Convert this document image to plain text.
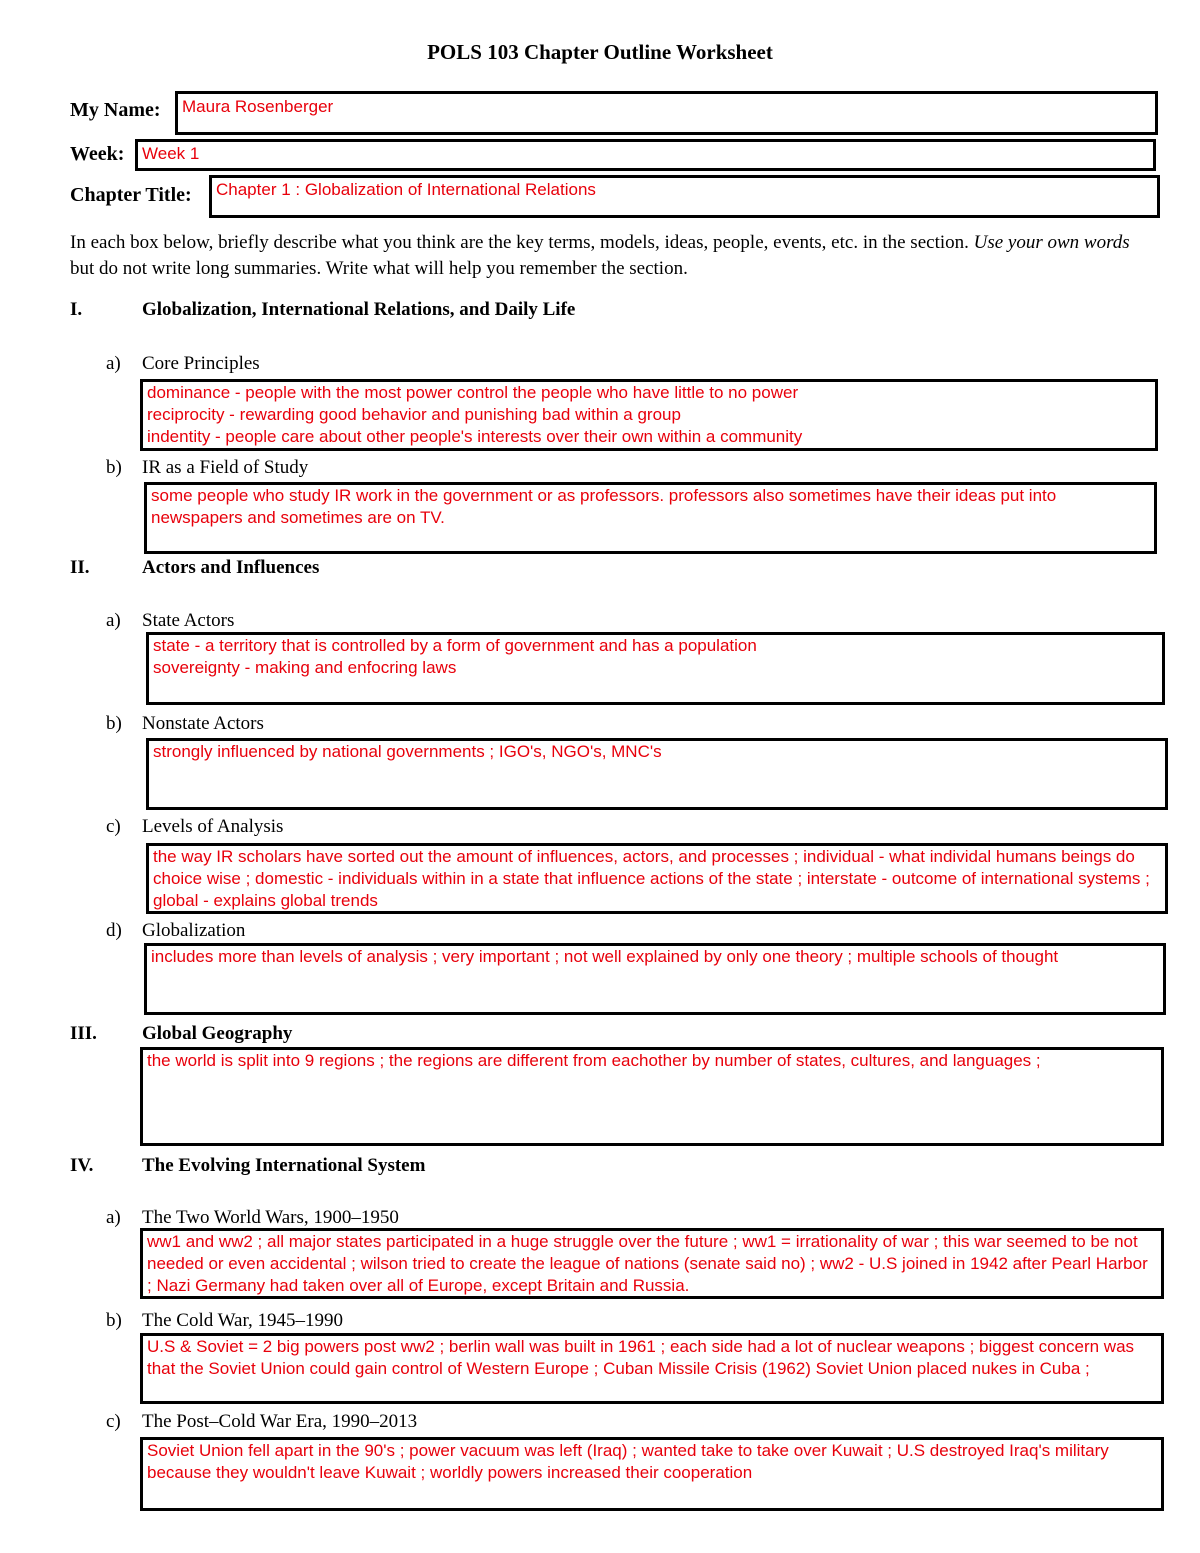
POLS 103 Chapter Outline Worksheet
My Name: Maura Rosenberger
Week: Week 1
Chapter Title: Chapter 1 : Globalization of International Relations
In each box below, briefly describe what you think are the key terms, models, ideas, people, events, etc. in the section. Use your own words but do not write long summaries. Write what will help you remember the section.
I.	Globalization, International Relations, and Daily Life
a) Core Principles
dominance - people with the most power control the people who have little to no power
reciprocity - rewarding good behavior and punishing bad within a group
indentity - people care about other people's interests over their own within a community
b) IR as a Field of Study
some people who study IR work in the government or as professors. professors also sometimes have their ideas put into newspapers and sometimes are on TV.
II.	Actors and Influences
a) State Actors
state - a territory that is controlled by a form of government and has a population
sovereignty - making and enfocring laws
b) Nonstate Actors
strongly influenced by national governments ; IGO's, NGO's, MNC's
c) Levels of Analysis
the way IR scholars have sorted out the amount of influences, actors, and processes ; individual - what individal humans beings do choice wise ; domestic - individuals within in a state that influence actions of the state ; interstate - outcome of international systems ; global - explains global trends
d) Globalization
includes more than levels of analysis ; very important ; not well explained by only one theory ; multiple schools of thought
III. Global Geography
the world is split into 9 regions ; the regions are different from eachother by number of states, cultures, and languages ;
IV.	The Evolving International System
a) The Two World Wars, 1900–1950
ww1 and ww2 ; all major states participated in a huge struggle over the future ; ww1 = irrationality of war ; this war seemed to be not needed or even accidental ; wilson tried to create the league of nations (senate said no) ; ww2 - U.S joined in 1942 after Pearl Harbor ; Nazi Germany had taken over all of Europe, except Britain and Russia.
b) The Cold War, 1945–1990
U.S & Soviet = 2 big powers post ww2 ; berlin wall was built in 1961 ; each side had a lot of nuclear weapons ; biggest concern was that the Soviet Union could gain control of Western Europe ; Cuban Missile Crisis (1962) Soviet Union placed nukes in Cuba ;
c) The Post–Cold War Era, 1990–2013
Soviet Union fell apart in the 90's ; power vacuum was left (Iraq) ; wanted take to take over Kuwait ; U.S destroyed Iraq's military because they wouldn't leave Kuwait ; worldly powers increased their cooperation
